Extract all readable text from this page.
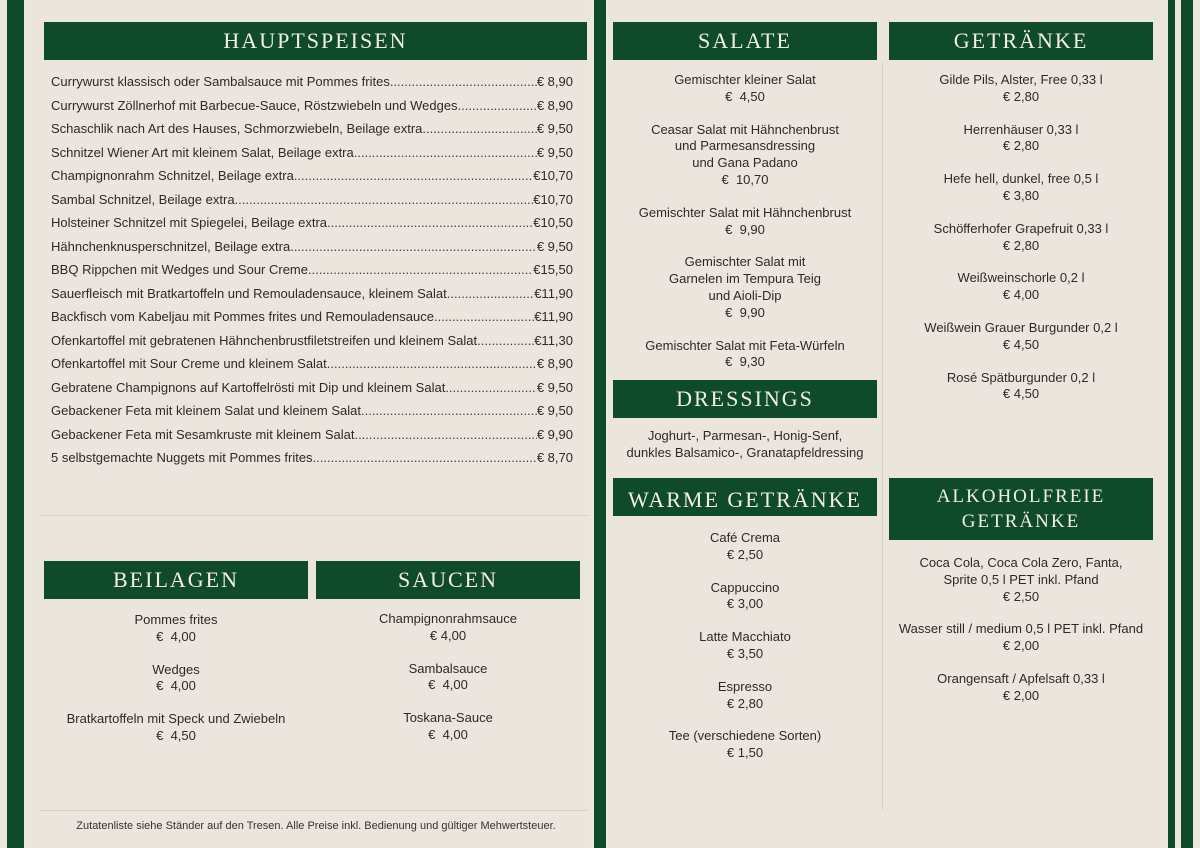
HAUPTSPEISEN
Currywurst klassisch oder Sambalsauce mit Pommes frites .....	€ 8,90
Currywurst Zöllnerhof mit Barbecue-Sauce, Röstzwiebeln und Wedges .....	€ 8,90
Schaschlik nach Art des Hauses, Schmorzwiebeln, Beilage extra .....	€ 9,50
Schnitzel Wiener Art mit kleinem Salat, Beilage extra .....	€ 9,50
Champignonrahm Schnitzel, Beilage extra .....	€10,70
Sambal Schnitzel, Beilage extra .....	€10,70
Holsteiner Schnitzel mit Spiegelei, Beilage extra .....	€10,50
Hähnchenknusperschnitzel, Beilage extra .....	€ 9,50
BBQ Rippchen mit Wedges und Sour Creme .....	€15,50
Sauerfleisch mit Bratkartoffeln und Remouladensauce, kleinem Salat .....	€11,90
Backfisch vom Kabeljau mit Pommes frites und Remouladensauce .....	€11,90
Ofenkartoffel mit gebratenen Hähnchenbrustfiletstreifen und kleinem Salat .....	€11,30
Ofenkartoffel mit Sour Creme und kleinem Salat .....	€ 8,90
Gebratene Champignons auf Kartoffelrösti mit Dip und kleinem Salat .....	€ 9,50
Gebackener Feta mit kleinem Salat und kleinem Salat .....	€ 9,50
Gebackener Feta mit Sesamkruste mit kleinem Salat .....	€ 9,90
5 selbstgemachte Nuggets mit Pommes frites .....	€ 8,70
BEILAGEN
Pommes frites
€  4,00
Wedges
€  4,00
Bratkartoffeln mit Speck und Zwiebeln
€  4,50
SAUCEN
Champignonrahmsauce
€ 4,00
Sambalsauce
€  4,00
Toskana-Sauce
€  4,00
Zutatenliste siehe Ständer auf den Tresen. Alle Preise inkl. Bedienung und gültiger Mehwertsteuer.
SALATE
Gemischter kleiner Salat
€  4,50
Ceasar Salat mit Hähnchenbrust
und Parmesansdressing
und Gana Padano
€  10,70
Gemischter Salat mit Hähnchenbrust
€  9,90
Gemischter Salat mit
Garnelen im Tempura Teig
und Aioli-Dip
€  9,90
Gemischter Salat mit Feta-Würfeln
€  9,30
DRESSINGS
Joghurt-, Parmesan-, Honig-Senf,
dunkles Balsamico-, Granatapfeldressing
WARME GETRÄNKE
Café Crema
€ 2,50
Cappuccino
€ 3,00
Latte Macchiato
€ 3,50
Espresso
€ 2,80
Tee (verschiedene Sorten)
€ 1,50
GETRÄNKE
Gilde Pils, Alster, Free 0,33 l
€ 2,80
Herrenhäuser 0,33 l
€ 2,80
Hefe hell, dunkel, free 0,5 l
€ 3,80
Schöfferhofer Grapefruit 0,33 l
€ 2,80
Weißweinschorle 0,2 l
€ 4,00
Weißwein Grauer Burgunder 0,2 l
€ 4,50
Rosé Spätburgunder 0,2 l
€ 4,50
ALKOHOLFREIE
GETRÄNKE
Coca Cola, Coca Cola Zero, Fanta,
Sprite 0,5 l PET inkl. Pfand
€ 2,50
Wasser still / medium 0,5 l PET inkl. Pfand
€ 2,00
Orangensaft / Apfelsaft 0,33 l
€ 2,00
